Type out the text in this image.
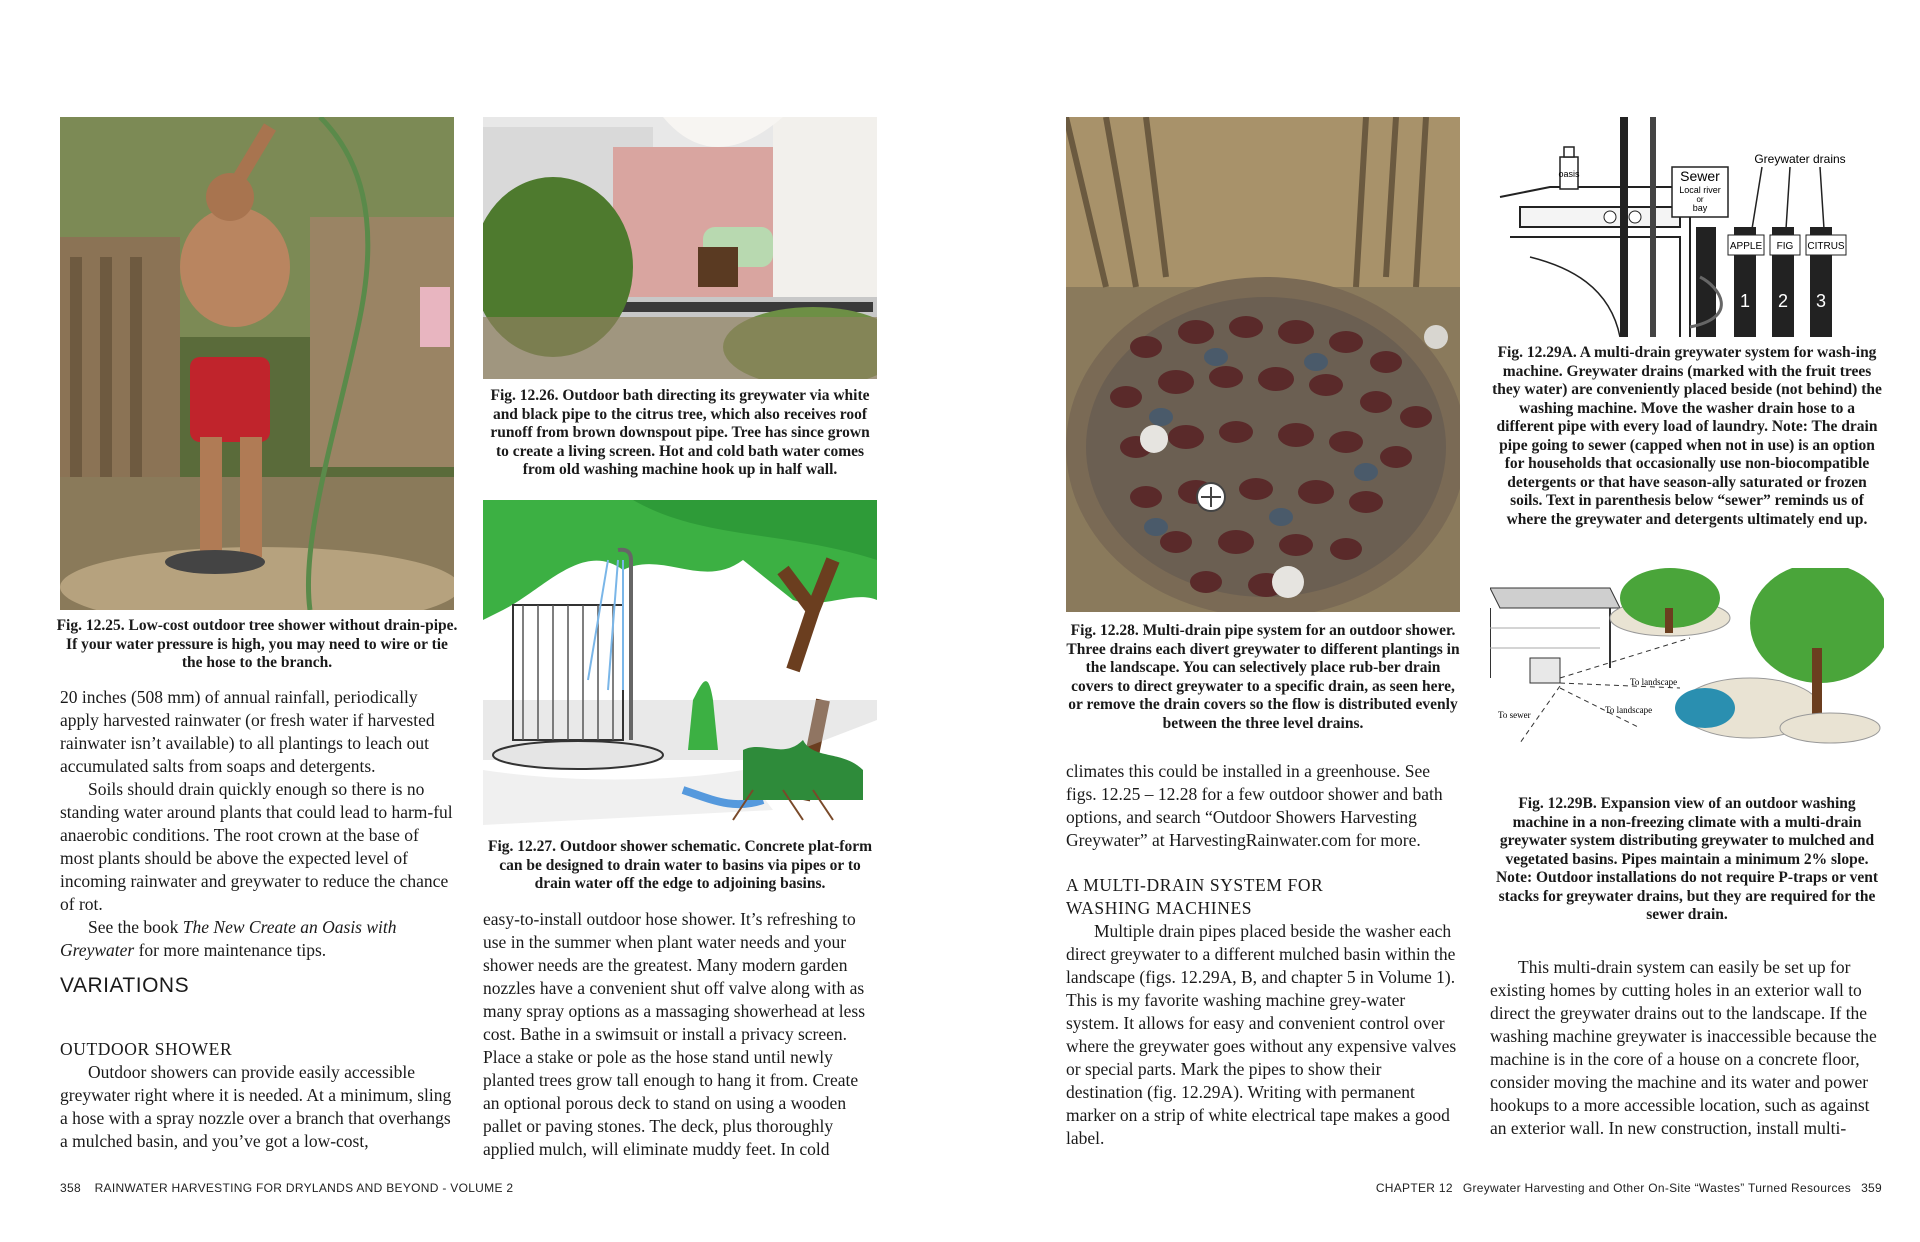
Fig. 12.25. Low-cost outdoor tree shower without drain-pipe. If your water pressure is high, you may need to wire or tie the hose to the branch.
Fig. 12.26. Outdoor bath directing its greywater via white and black pipe to the citrus tree, which also receives roof runoff from brown downspout pipe. Tree has since grown to create a living screen. Hot and cold bath water comes from old washing machine hook up in half wall.
Fig. 12.27. Outdoor shower schematic. Concrete plat-form can be designed to drain water to basins via pipes or to drain water off the edge to adjoining basins.

20 inches (508 mm) of annual rainfall, periodically apply harvested rainwater (or fresh water if harvested rainwater isn’t available) to all plantings to leach out accumulated salts from soaps and detergents.

Soils should drain quickly enough so there is no standing water around plants that could lead to harm-ful anaerobic conditions. The root crown at the base of most plants should be above the expected level of incoming rainwater and greywater to reduce the chance of rot.

See the book The New Create an Oasis with Greywater for more maintenance tips.

VARIATIONS

OUTDOOR SHOWER

Outdoor showers can provide easily accessible greywater right where it is needed. At a minimum, sling a hose with a spray nozzle over a branch that overhangs a mulched basin, and you’ve got a low-cost,

easy-to-install outdoor hose shower. It’s refreshing to use in the summer when plant water needs and your shower needs are the greatest. Many modern garden nozzles have a convenient shut off valve along with as many spray options as a massaging showerhead at less cost. Bathe in a swimsuit or install a privacy screen. Place a stake or pole as the hose stand until newly planted trees grow tall enough to hang it from. Create an optional porous deck to stand on using a wooden pallet or paving stones. The deck, plus thoroughly applied mulch, will eliminate muddy feet. In cold

358 RAINWATER HARVESTING FOR DRYLANDS AND BEYOND - VOLUME 2
Fig. 12.28. Multi-drain pipe system for an outdoor shower. Three drains each divert greywater to different plantings in the landscape. You can selectively place rub-ber drain covers to direct greywater to a specific drain, as seen here, or remove the drain covers so the flow is distributed evenly between the three level drains.
oasis	Sewer
Local river
or
bay
Greywater drains
APPLE FIG CITRUS
1 2 3
Fig. 12.29A. A multi-drain greywater system for wash-ing machine. Greywater drains (marked with the fruit trees they water) are conveniently placed beside (not behind) the washing machine. Move the washer drain hose to a different pipe with every load of laundry. Note: The drain pipe going to sewer (capped when not in use) is an option for households that occasionally use non-biocompatible detergents or that have season-ally saturated or frozen soils. Text in parenthesis below “sewer” reminds us of where the greywater and detergents ultimately end up.
To landscape
To landscape
To sewer
Fig. 12.29B. Expansion view of an outdoor washing machine in a non-freezing climate with a multi-drain greywater system distributing greywater to mulched and vegetated basins. Pipes maintain a minimum 2% slope. Note: Outdoor installations do not require P-traps or vent stacks for greywater drains, but they are required for the sewer drain.

climates this could be installed in a greenhouse. See figs. 12.25 – 12.28 for a few outdoor shower and bath options, and search “Outdoor Showers Harvesting Greywater” at HarvestingRainwater.com for more.

A MULTI-DRAIN SYSTEM FOR

WASHING MACHINES

Multiple drain pipes placed beside the washer each direct greywater to a different mulched basin within the landscape (figs. 12.29A, B, and chapter 5 in Volume 1). This is my favorite washing machine grey-water system. It allows for easy and convenient control over where the greywater goes without any expensive valves or special parts. Mark the pipes to show their destination (fig. 12.29A). Writing with permanent marker on a strip of white electrical tape makes a good label.

This multi-drain system can easily be set up for existing homes by cutting holes in an exterior wall to direct the greywater drains out to the landscape. If the washing machine greywater is inaccessible because the machine is in the core of a house on a concrete floor, consider moving the machine and its water and power hookups to a more accessible location, such as against an exterior wall. In new construction, install multi-

CHAPTER 12 Greywater Harvesting and Other On-Site “Wastes” Turned Resources 359
